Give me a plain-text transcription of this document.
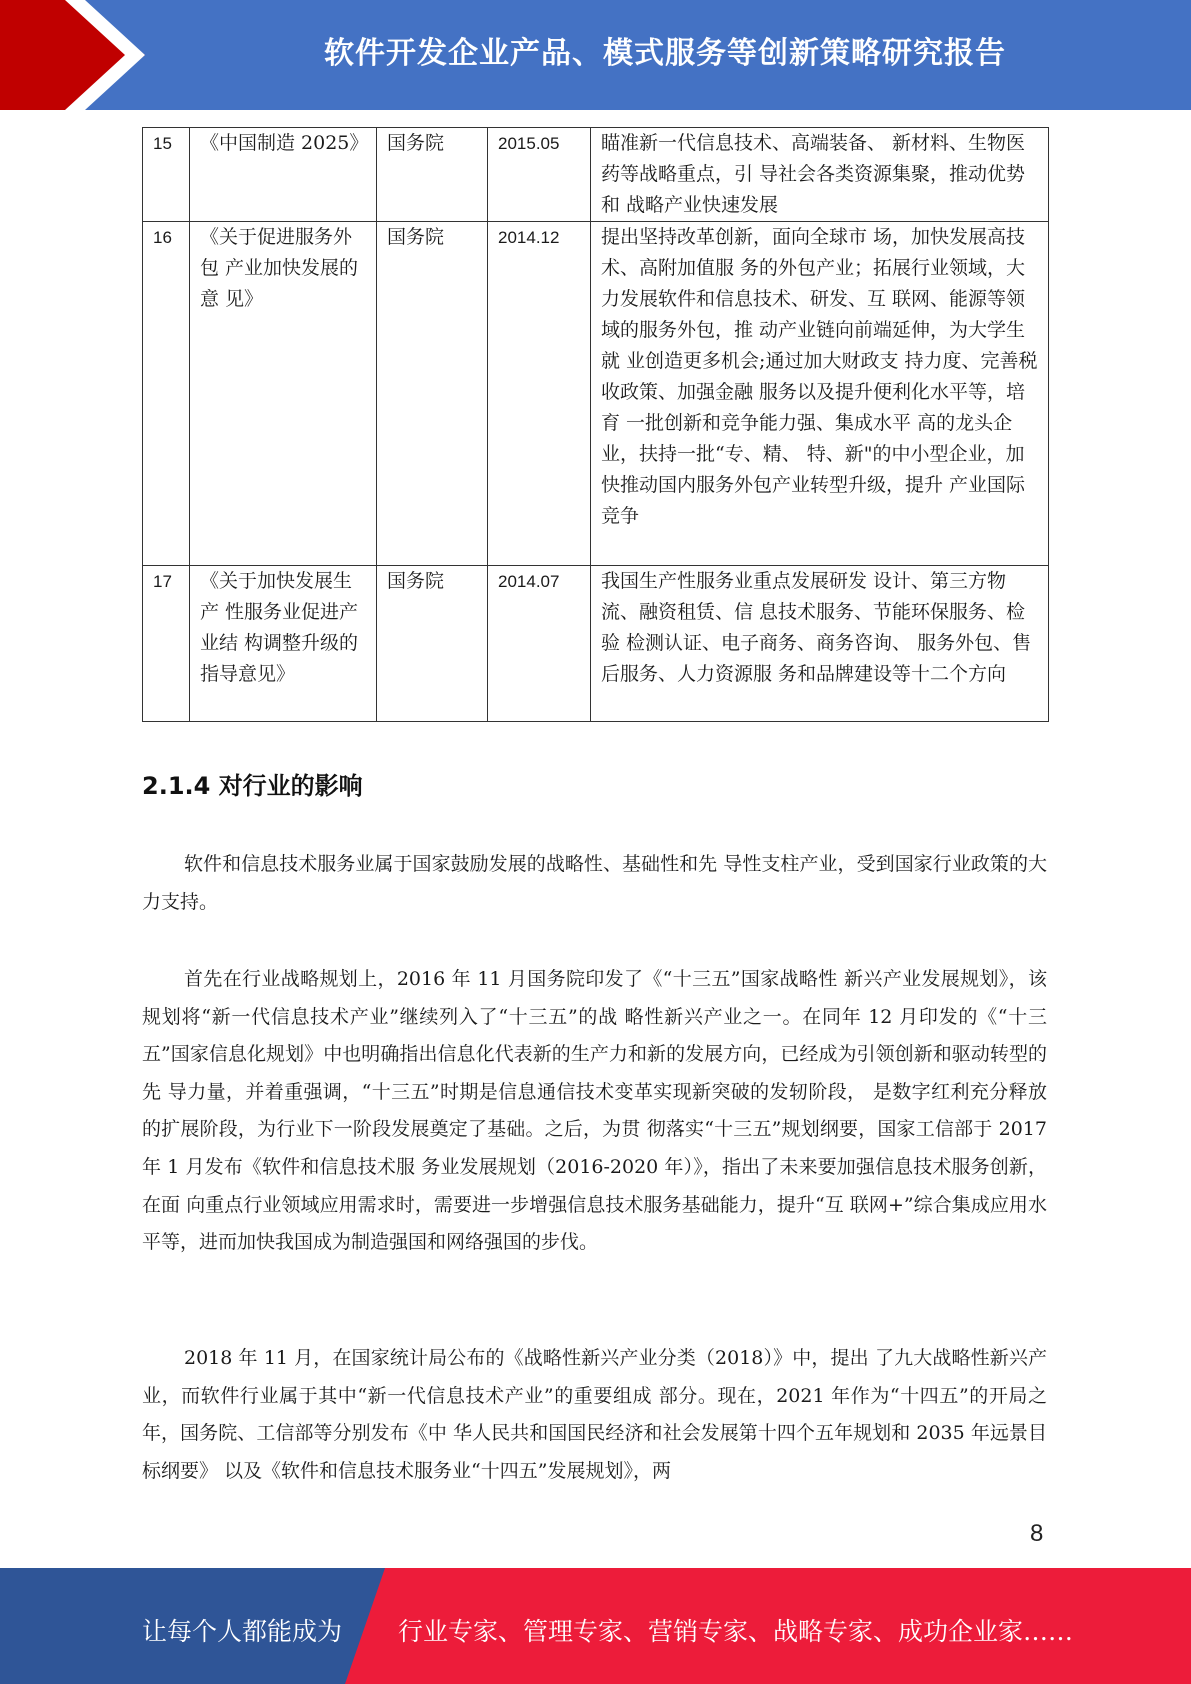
软件开发企业产品、模式服务等创新策略研究报告
15	《中国制造 2025》	国务院	2015.05	瞄准新一代信息技术、高端装备、 新材料、生物医药等战略重点，引 导社会各类资源集聚，推动优势和 战略产业快速发展
16	《关于促进服务外包 产业加快发展的意 见》	国务院	2014.12	提出坚持改革创新，面向全球市 场，加快发展高技术、高附加值服 务的外包产业；拓展行业领域，大 力发展软件和信息技术、研发、互 联网、能源等领域的服务外包，推 动产业链向前端延伸，为大学生就 业创造更多机会;通过加大财政支 持力度、完善税收政策、加强金融 服务以及提升便利化水平等，培育 一批创新和竞争能力强、集成水平 高的龙头企业，扶持一批“专、精、 特、新"的中小型企业，加快推动国内服务外包产业转型升级，提升 产业国际竞争
17	《关于加快发展生产 性服务业促进产业结 构调整升级的指导意见》	国务院	2014.07	我国生产性服务业重点发展研发 设计、第三方物流、融资租赁、信 息技术服务、节能环保服务、检验 检测认证、电子商务、商务咨询、 服务外包、售后服务、人力资源服 务和品牌建设等十二个方向
2.1.4 对行业的影响

软件和信息技术服务业属于国家鼓励发展的战略性、基础性和先 导性支柱产业，受到国家行业政策的大力支持。

首先在行业战略规划上，2016 年 11 月国务院印发了《“十三五”国家战略性 新兴产业发展规划》，该规划将“新一代信息技术产业”继续列入了“十三五”的战 略性新兴产业之一。在同年 12 月印发的《“十三五”国家信息化规划》中也明确指出信息化代表新的生产力和新的发展方向，已经成为引领创新和驱动转型的先 导力量，并着重强调，“十三五”时期是信息通信技术变革实现新突破的发轫阶段， 是数字红利充分释放的扩展阶段，为行业下一阶段发展奠定了基础。之后，为贯 彻落实“十三五”规划纲要，国家工信部于 2017 年 1 月发布《软件和信息技术服 务业发展规划（2016-2020 年）》，指出了未来要加强信息技术服务创新，在面 向重点行业领域应用需求时，需要进一步增强信息技术服务基础能力，提升“互 联网+”综合集成应用水平等，进而加快我国成为制造强国和网络强国的步伐。

2018 年 11 月，在国家统计局公布的《战略性新兴产业分类（2018）》中，提出 了九大战略性新兴产业，而软件行业属于其中“新一代信息技术产业”的重要组成 部分。现在，2021 年作为“十四五”的开局之年，国务院、工信部等分别发布《中 华人民共和国国民经济和社会发展第十四个五年规划和 2035 年远景目标纲要》 以及《软件和信息技术服务业“十四五”发展规划》，两

8
让每个人都能成为 行业专家、管理专家、营销专家、战略专家、成功企业家……
